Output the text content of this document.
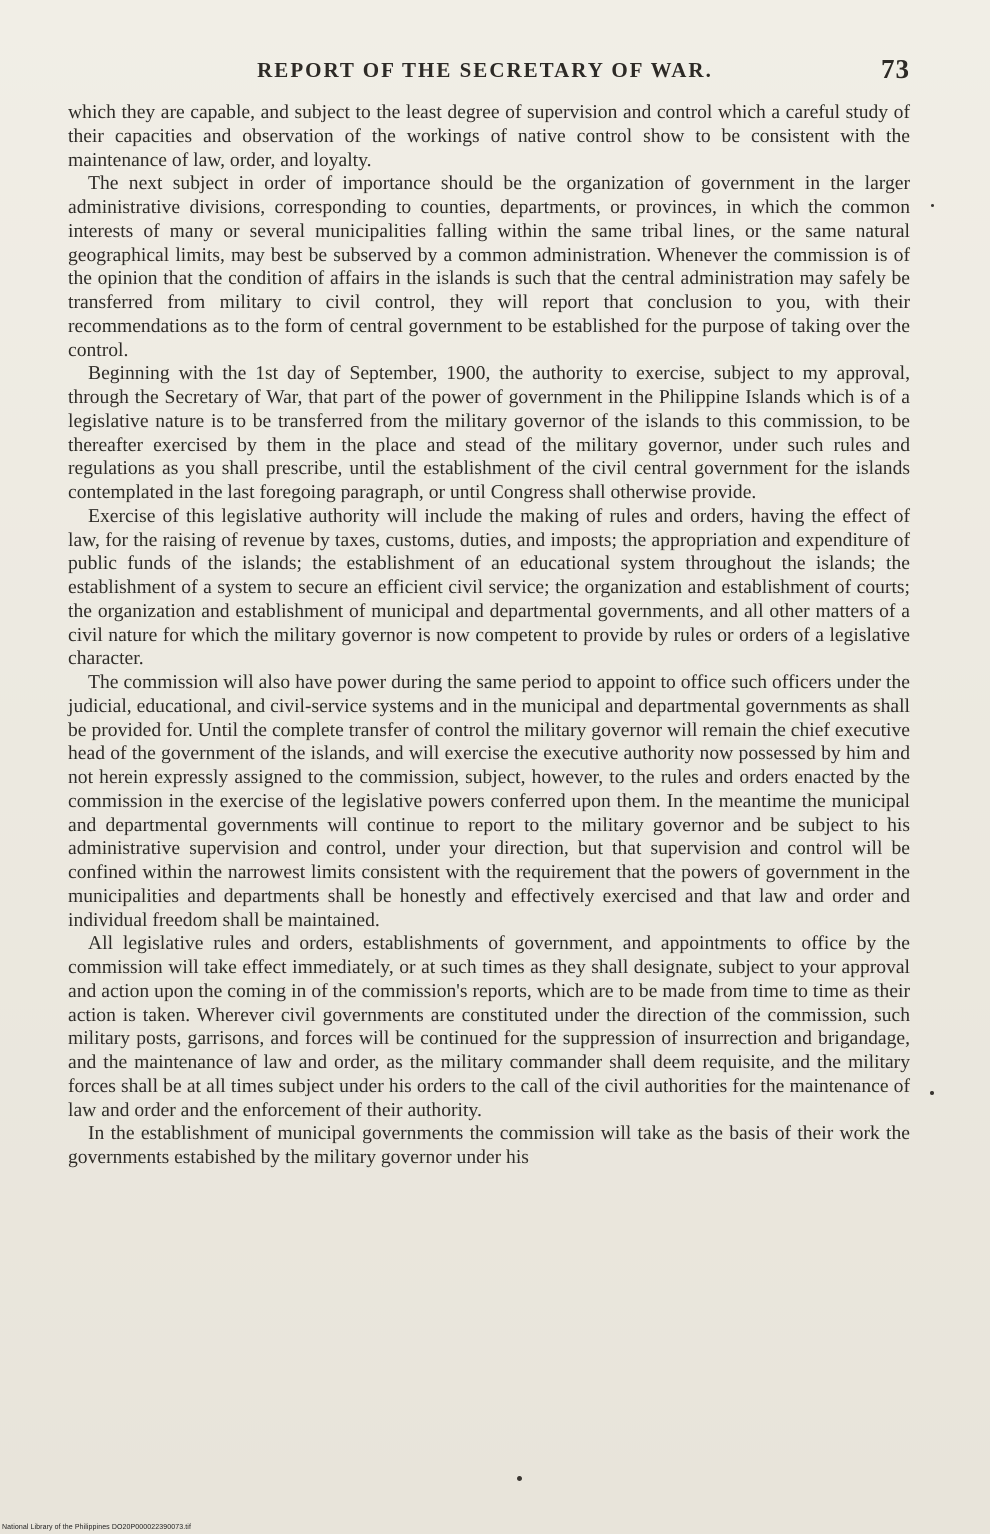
REPORT OF THE SECRETARY OF WAR.	73

which they are capable, and subject to the least degree of supervision and control which a careful study of their capacities and observation of the workings of native control show to be consistent with the maintenance of law, order, and loyalty.

The next subject in order of importance should be the organization of government in the larger administrative divisions, corresponding to counties, departments, or provinces, in which the common interests of many or several municipalities falling within the same tribal lines, or the same natural geographical limits, may best be subserved by a common administration. Whenever the commission is of the opinion that the condition of affairs in the islands is such that the central administration may safely be transferred from military to civil control, they will report that conclusion to you, with their recommendations as to the form of central government to be established for the purpose of taking over the control.

Beginning with the 1st day of September, 1900, the authority to exercise, subject to my approval, through the Secretary of War, that part of the power of government in the Philippine Islands which is of a legislative nature is to be transferred from the military governor of the islands to this commission, to be thereafter exercised by them in the place and stead of the military governor, under such rules and regulations as you shall prescribe, until the establishment of the civil central government for the islands contemplated in the last foregoing paragraph, or until Congress shall otherwise provide.

Exercise of this legislative authority will include the making of rules and orders, having the effect of law, for the raising of revenue by taxes, customs, duties, and imposts; the appropriation and expenditure of public funds of the islands; the establishment of an educational system throughout the islands; the establishment of a system to secure an efficient civil service; the organization and establishment of courts; the organization and establishment of municipal and departmental governments, and all other matters of a civil nature for which the military governor is now competent to provide by rules or orders of a legislative character.

The commission will also have power during the same period to appoint to office such officers under the judicial, educational, and civil-service systems and in the municipal and departmental governments as shall be provided for. Until the complete transfer of control the military governor will remain the chief executive head of the government of the islands, and will exercise the executive authority now possessed by him and not herein expressly assigned to the commission, subject, however, to the rules and orders enacted by the commission in the exercise of the legislative powers conferred upon them. In the meantime the municipal and departmental governments will continue to report to the military governor and be subject to his administrative supervision and control, under your direction, but that supervision and control will be confined within the narrowest limits consistent with the requirement that the powers of government in the municipalities and departments shall be honestly and effectively exercised and that law and order and individual freedom shall be maintained.

All legislative rules and orders, establishments of government, and appointments to office by the commission will take effect immediately, or at such times as they shall designate, subject to your approval and action upon the coming in of the commission's reports, which are to be made from time to time as their action is taken. Wherever civil governments are constituted under the direction of the commission, such military posts, garrisons, and forces will be continued for the suppression of insurrection and brigandage, and the maintenance of law and order, as the military commander shall deem requisite, and the military forces shall be at all times subject under his orders to the call of the civil authorities for the maintenance of law and order and the enforcement of their authority.

In the establishment of municipal governments the commission will take as the basis of their work the governments estabished by the military governor under his

National Library of the Philippines DO20P000022390073.tif
